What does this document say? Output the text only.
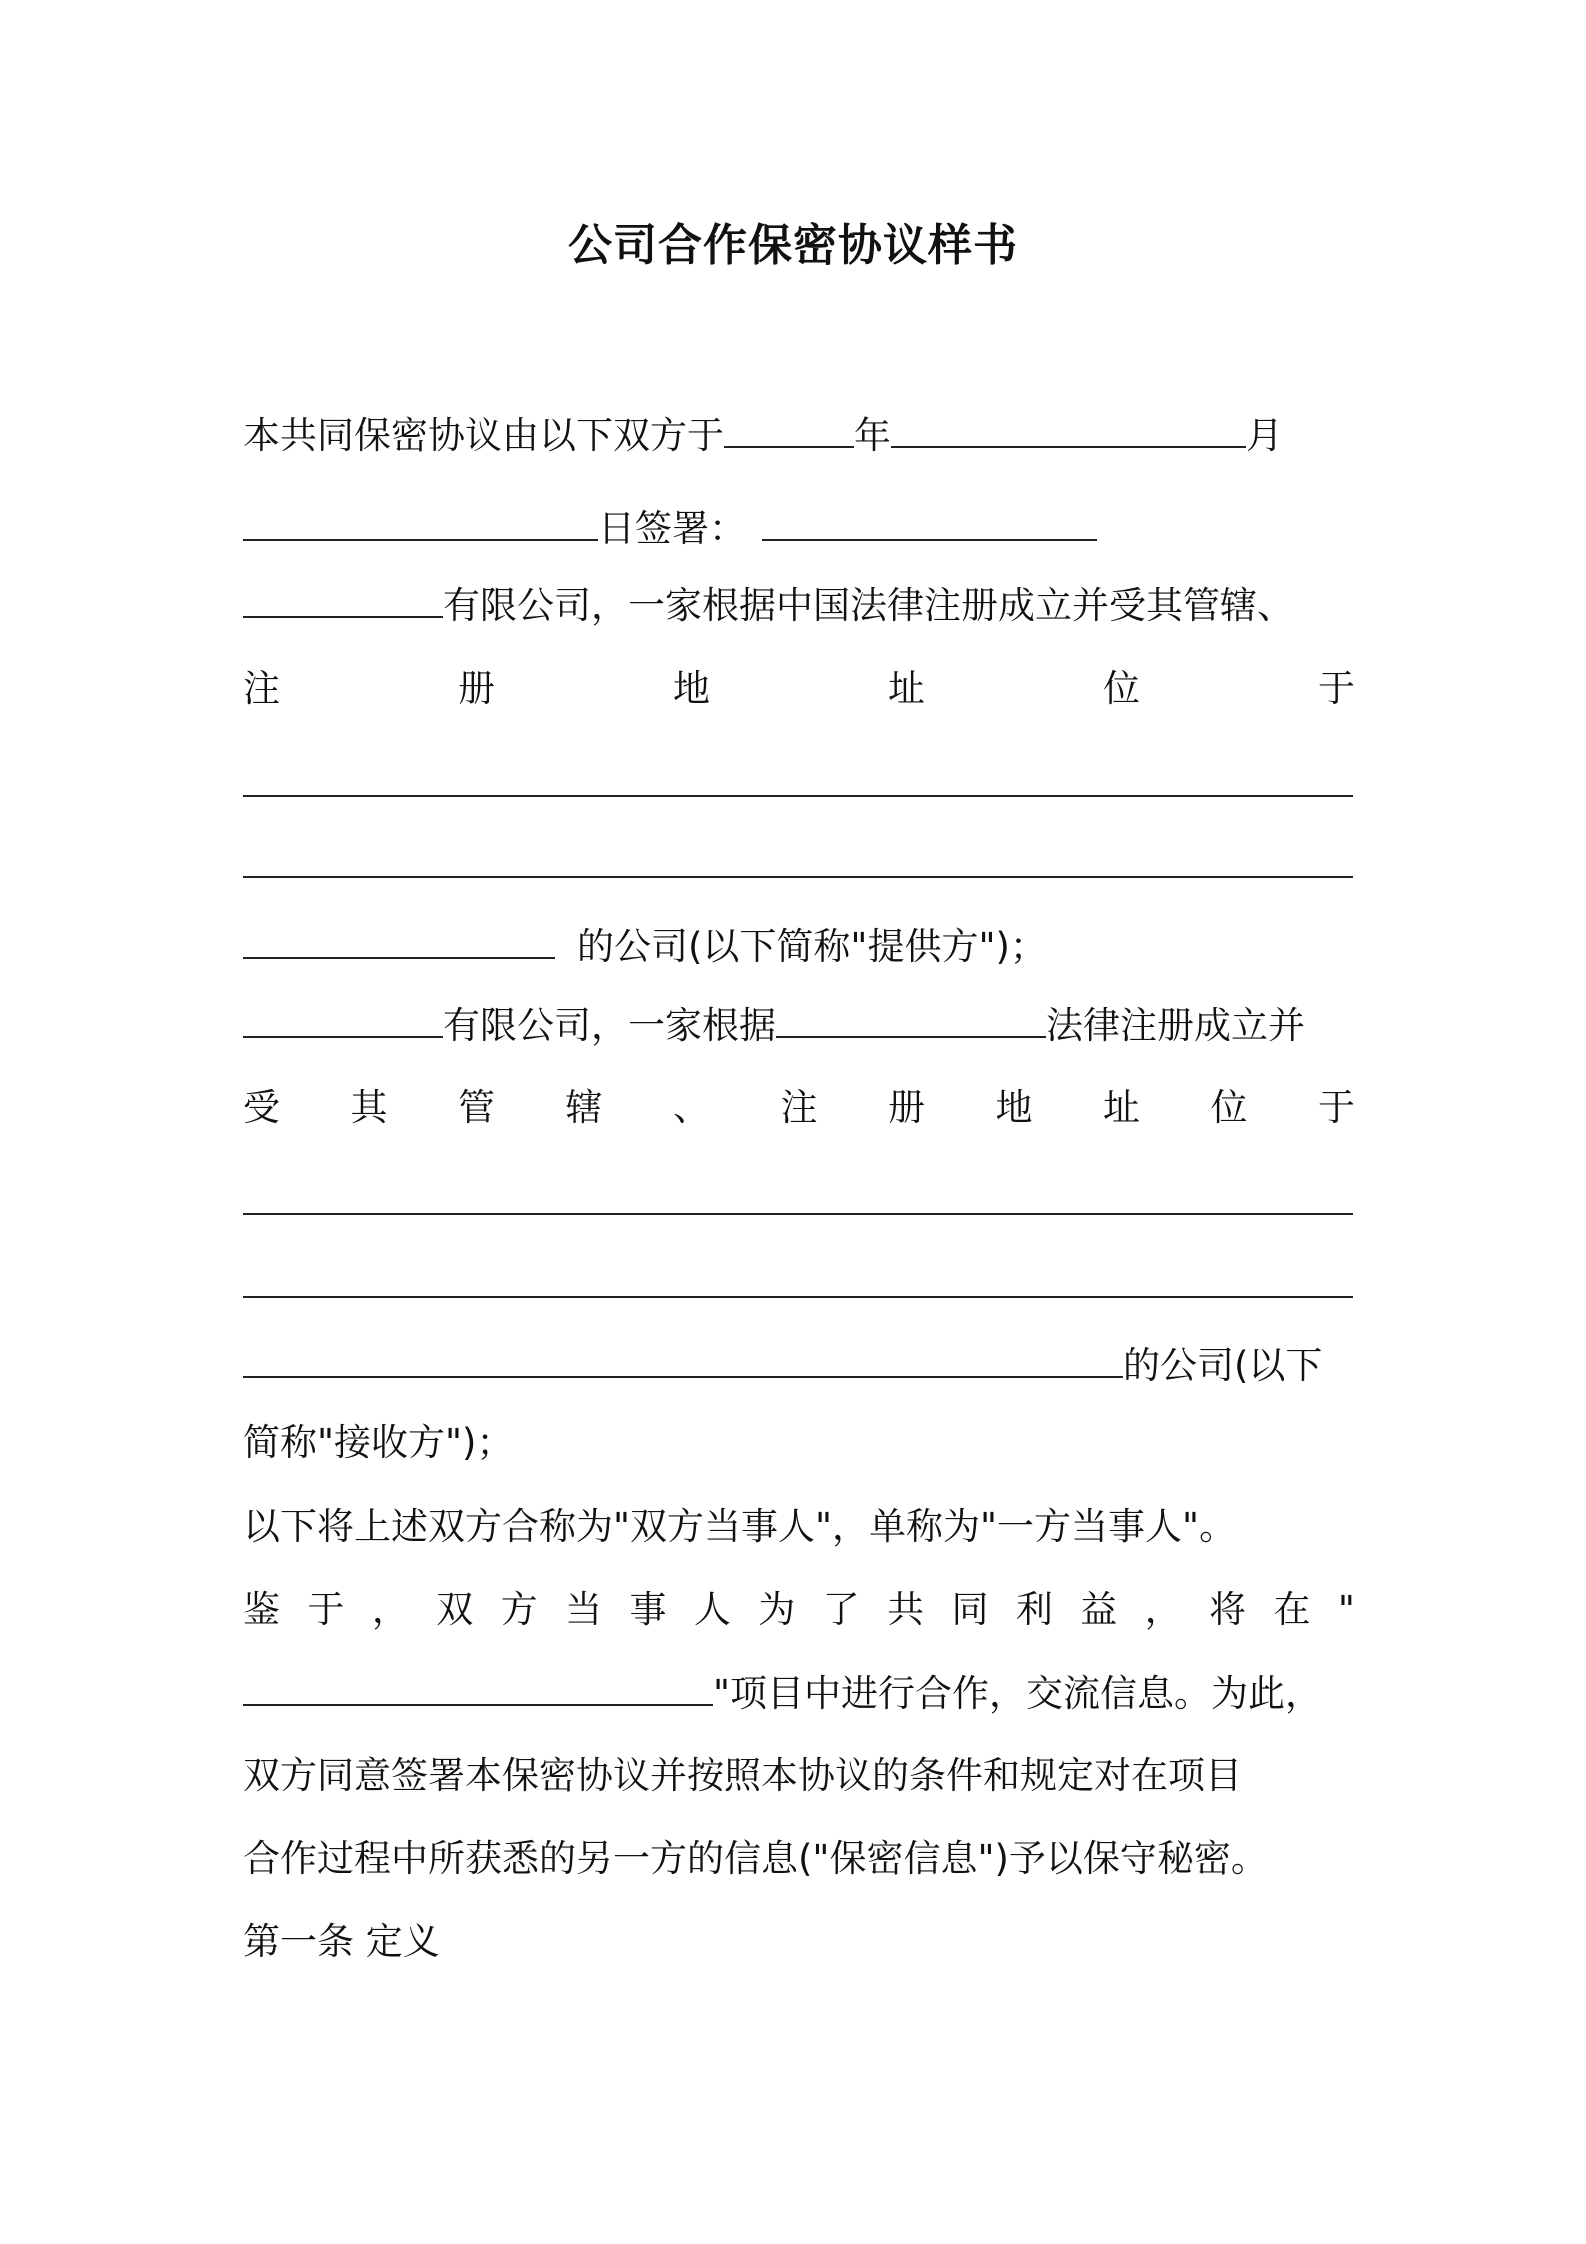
公司合作保密协议样书
本共同保密协议由以下双方于	年	月
日签署：
有限公司，一家根据中国法律注册成立并受其管辖、
注	册	地	址	位	于
的公司(以下简称"提供方")；
有限公司，一家根据	法律注册成立并
受 其 管 辖 、 注 册 地 址 位 于
的公司(以下
简称"接收方")；
以下将上述双方合称为"双方当事人"，单称为"一方当事人"。
鉴 于 ， 双 方 当 事 人 为 了 共 同 利 益 ， 将 在 "
"项目中进行合作，交流信息。为此，
双方同意签署本保密协议并按照本协议的条件和规定对在项目
合作过程中所获悉的另一方的信息("保密信息")予以保守秘密。
第一条 定义
